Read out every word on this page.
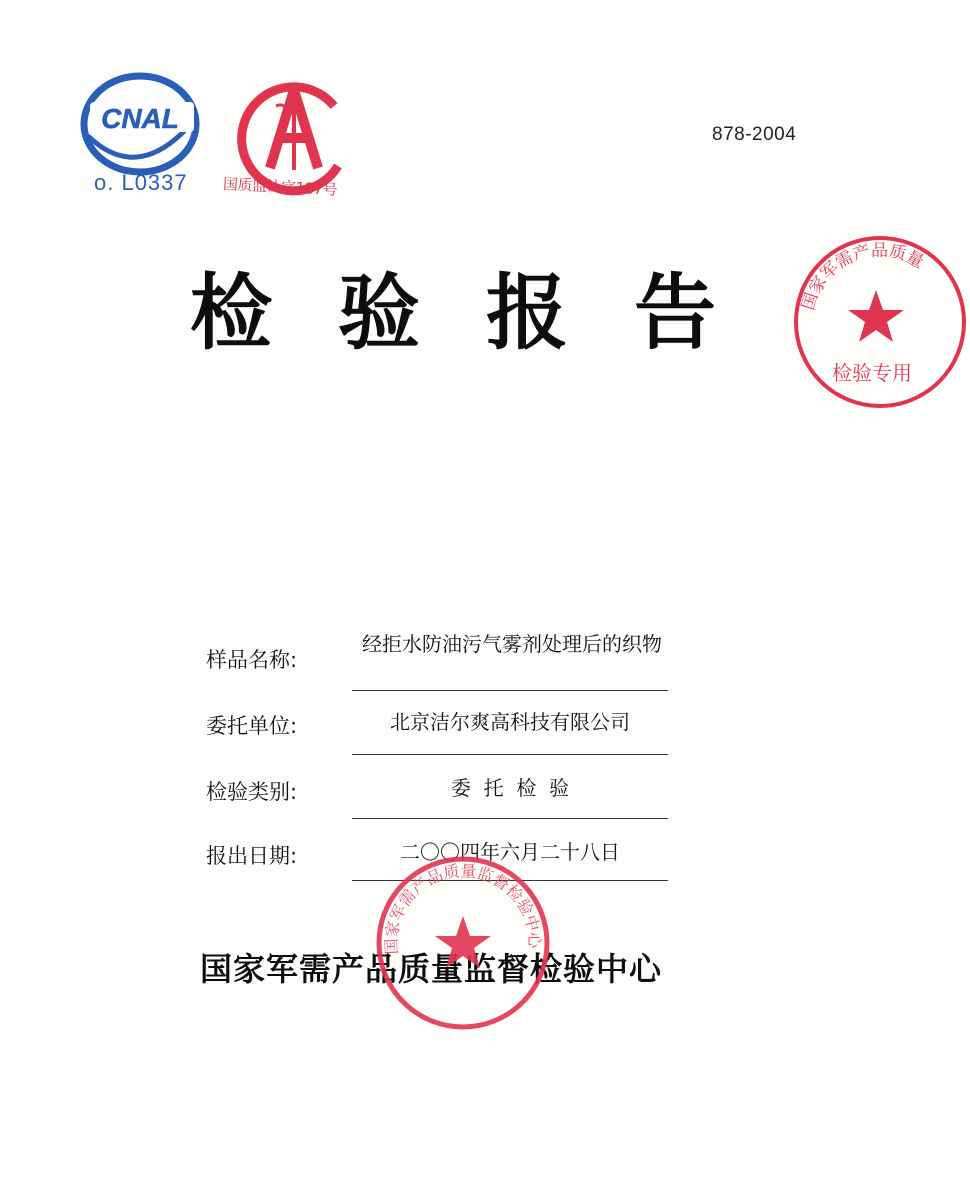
CNAL
o. L0337 国质监认字187号
878-2004
检验报告 国家军需产品质量
检验专用
样品名称:
经拒水防油污气雾剂处理后的织物
委托单位:	北京洁尔爽高科技有限公司
检验类别:	委  托  检  验
报出日期:	二〇〇四年六月二十八日
国家军需产品质量监督检验中心
国家军需产品质量监督检验中心
